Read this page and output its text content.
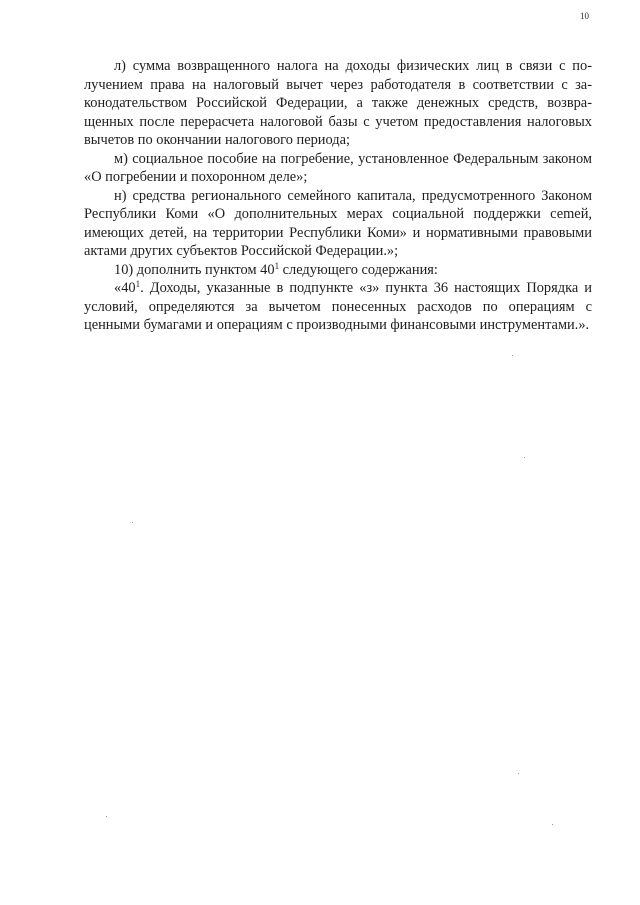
10

л) сумма возвращенного налога на доходы физических лиц в связи с получением права на налоговый вычет через работодателя в соответствии с законодательством Российской Федерации, а также денежных средств, возвращенных после перерасчета налоговой базы с учетом предоставления налоговых вычетов по окончании налогового периода;

м) социальное пособие на погребение, установленное Федеральным законом «О погребении и похоронном деле»;

н) средства регионального семейного капитала, предусмотренного Законом Республики Коми «О дополнительных мерах социальной поддержки сеmей, имеющих детей, на территории Республики Коми» и нормативными правовыми актами других субъектов Российской Федерации.»;

10) дополнить пунктом $40^1$ следующего содержания:

«$40^1$. Доходы, указанные в подпункте «з» пункта 36 настоящих Порядка и условий, определяются за вычетом понесенных расходов по операциям с ценными бумагами и операциям с производными финансовыми инструментами.».
